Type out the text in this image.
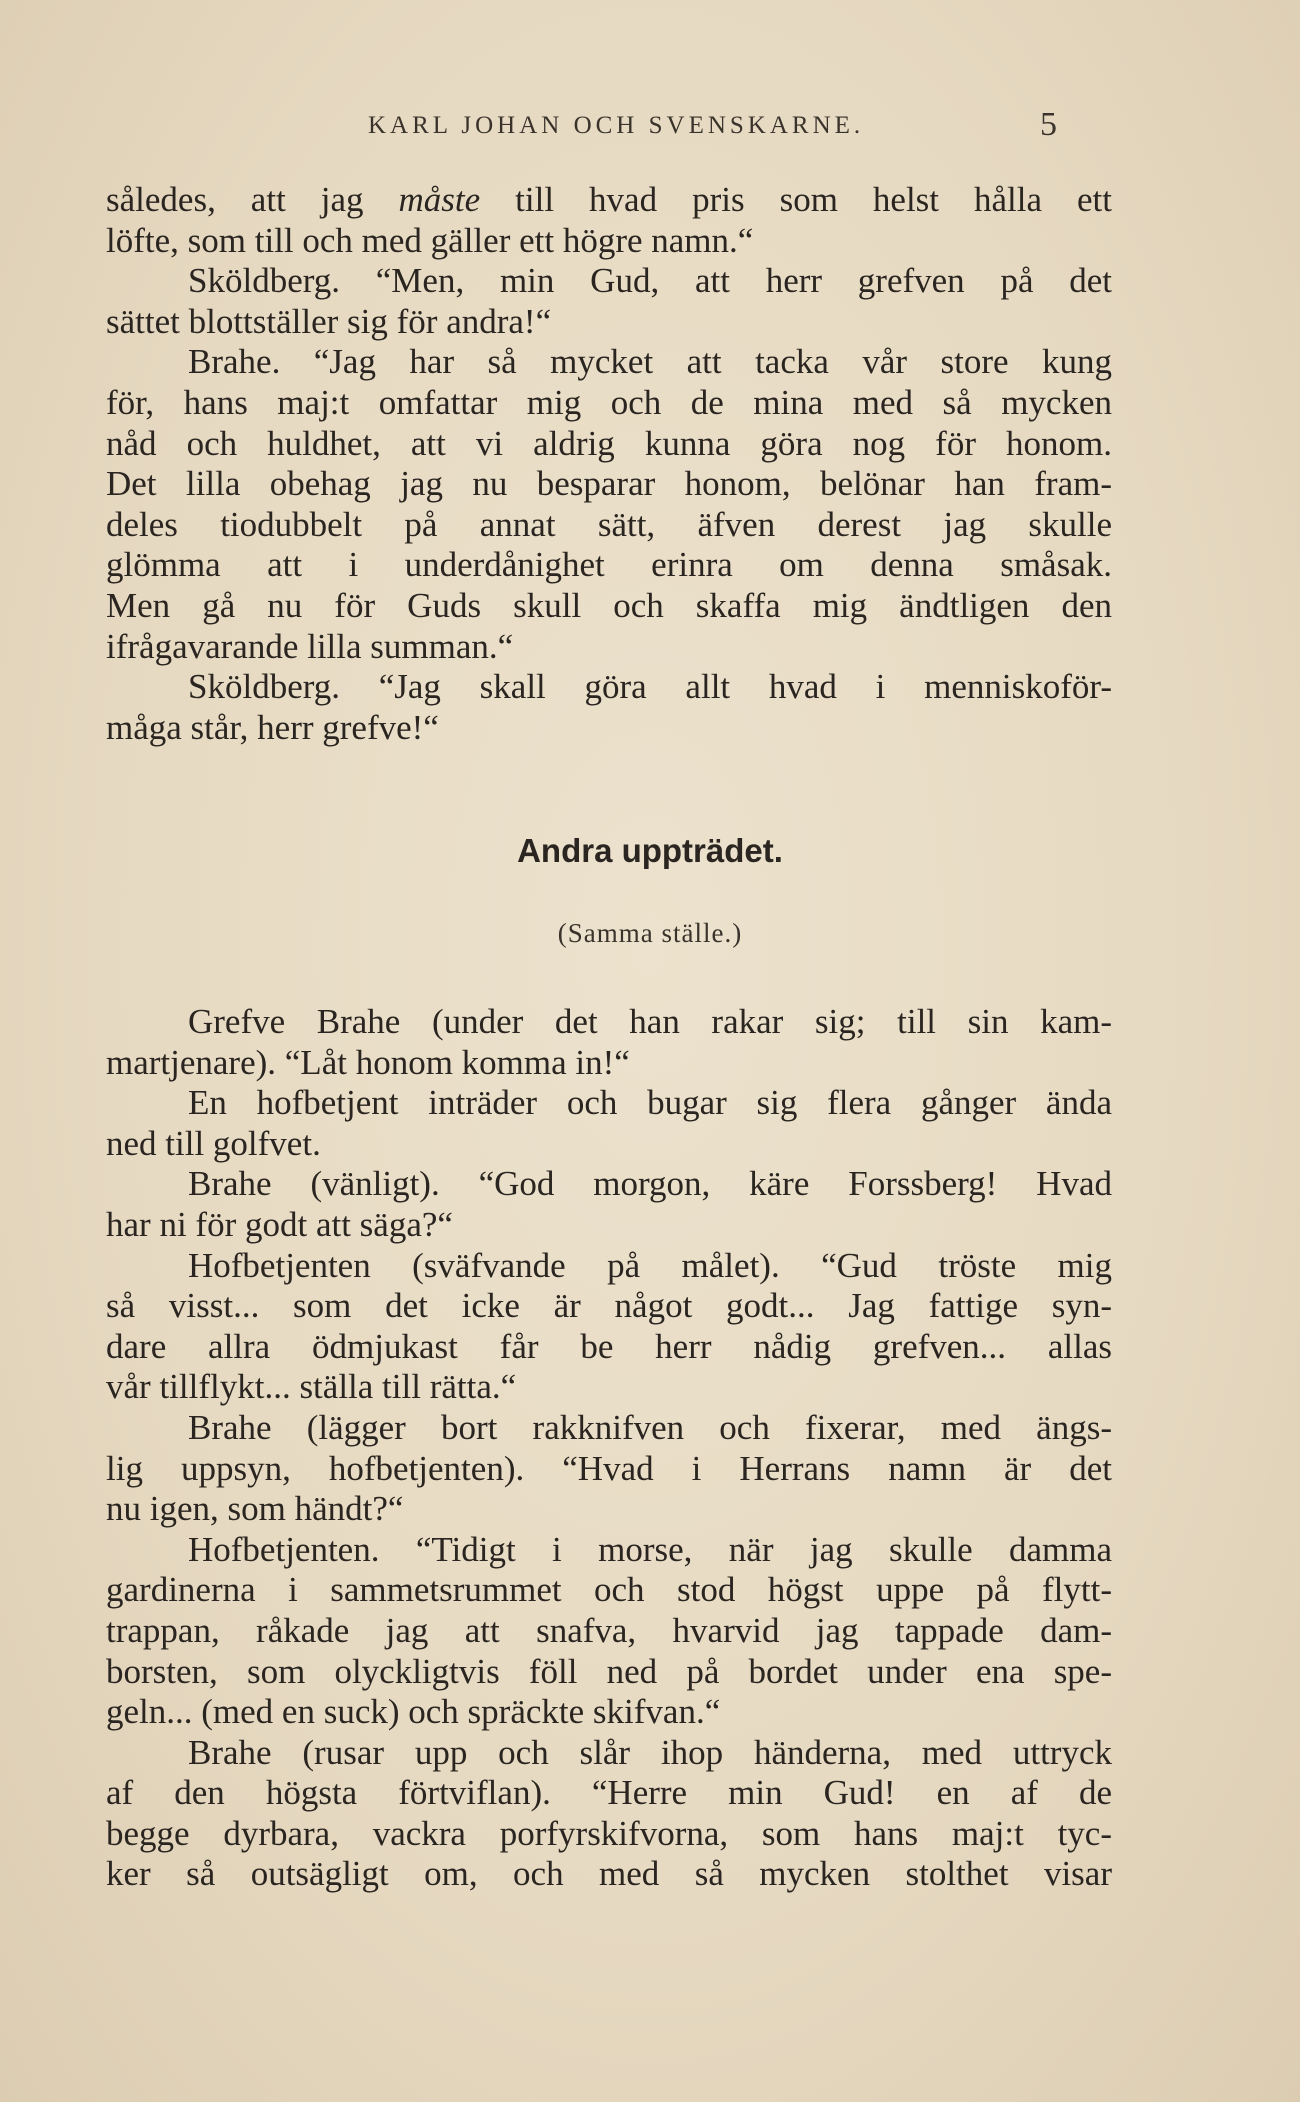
KARL JOHAN OCH SVENSKARNE.	5
således, att jag måste till hvad pris som helst hålla ett
löfte, som till och med gäller ett högre namn.“
Sköldberg. “Men, min Gud, att herr grefven på det
sättet blottställer sig för andra!“
Brahe. “Jag har så mycket att tacka vår store kung
för, hans maj:t omfattar mig och de mina med så mycken
nåd och huldhet, att vi aldrig kunna göra nog för honom.
Det lilla obehag jag nu besparar honom, belönar han fram-
deles tiodubbelt på annat sätt, äfven derest jag skulle
glömma att i underdånighet erinra om denna småsak.
Men gå nu för Guds skull och skaffa mig ändtligen den
ifrågavarande lilla summan.“
Sköldberg. “Jag skall göra allt hvad i menniskoför-
måga står, herr grefve!“
Andra uppträdet.
(Samma ställe.)
Grefve Brahe (under det han rakar sig; till sin kam-
martjenare). “Låt honom komma in!“
En hofbetjent inträder och bugar sig flera gånger ända
ned till golfvet.
Brahe (vänligt). “God morgon, käre Forssberg! Hvad
har ni för godt att säga?“
Hofbetjenten (sväfvande på målet). “Gud tröste mig
så visst... som det icke är något godt... Jag fattige syn-
dare allra ödmjukast får be herr nådig grefven... allas
vår tillflykt... ställa till rätta.“
Brahe (lägger bort rakknifven och fixerar, med ängs-
lig uppsyn, hofbetjenten). “Hvad i Herrans namn är det
nu igen, som händt?“
Hofbetjenten. “Tidigt i morse, när jag skulle damma
gardinerna i sammetsrummet och stod högst uppe på flytt-
trappan, råkade jag att snafva, hvarvid jag tappade dam-
borsten, som olyckligtvis föll ned på bordet under ena spe-
geln... (med en suck) och spräckte skifvan.“
Brahe (rusar upp och slår ihop händerna, med uttryck
af den högsta förtviflan). “Herre min Gud! en af de
begge dyrbara, vackra porfyrskifvorna, som hans maj:t tyc-
ker så outsägligt om, och med så mycken stolthet visar
